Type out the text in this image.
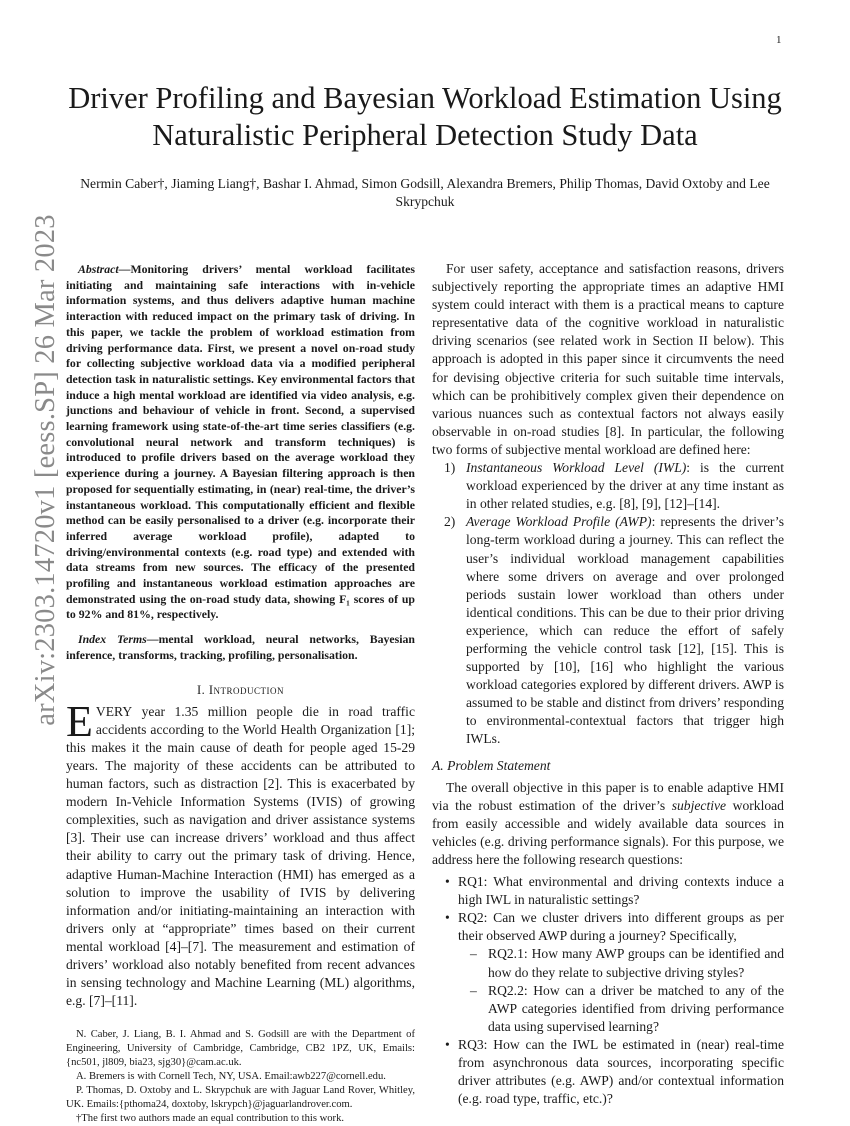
1
arXiv:2303.14720v1 [eess.SP] 26 Mar 2023
Driver Profiling and Bayesian Workload Estimation Using Naturalistic Peripheral Detection Study Data
Nermin Caber†, Jiaming Liang†, Bashar I. Ahmad, Simon Godsill, Alexandra Bremers, Philip Thomas, David Oxtoby and Lee Skrypchuk

Abstract—Monitoring drivers’ mental workload facilitates initiating and maintaining safe interactions with in-vehicle information systems, and thus delivers adaptive human machine interaction with reduced impact on the primary task of driving. In this paper, we tackle the problem of workload estimation from driving performance data. First, we present a novel on-road study for collecting subjective workload data via a modified peripheral detection task in naturalistic settings. Key environmental factors that induce a high mental workload are identified via video analysis, e.g. junctions and behaviour of vehicle in front. Second, a supervised learning framework using state-of-the-art time series classifiers (e.g. convolutional neural network and transform techniques) is introduced to profile drivers based on the average workload they experience during a journey. A Bayesian filtering approach is then proposed for sequentially estimating, in (near) real-time, the driver’s instantaneous workload. This computationally efficient and flexible method can be easily personalised to a driver (e.g. incorporate their inferred average workload profile), adapted to driving/environmental contexts (e.g. road type) and extended with data streams from new sources. The efficacy of the presented profiling and instantaneous workload estimation approaches are demonstrated using the on-road study data, showing F₁ scores of up to 92% and 81%, respectively.

Index Terms—mental workload, neural networks, Bayesian inference, transforms, tracking, profiling, personalisation.

I. Introduction

EVERY year 1.35 million people die in road traffic accidents according to the World Health Organization [1]; this makes it the main cause of death for people aged 15-29 years. The majority of these accidents can be attributed to human factors, such as distraction [2]. This is exacerbated by modern In-Vehicle Information Systems (IVIS) of growing complexities, such as navigation and driver assistance systems [3]. Their use can increase drivers’ workload and thus affect their ability to carry out the primary task of driving. Hence, adaptive Human-Machine Interaction (HMI) has emerged as a solution to improve the usability of IVIS by delivering information and/or initiating-maintaining an interaction with drivers only at “appropriate” times based on their current mental workload [4]–[7]. The measurement and estimation of drivers’ workload also notably benefited from recent advances in sensing technology and Machine Learning (ML) algorithms, e.g. [7]–[11].

N. Caber, J. Liang, B. I. Ahmad and S. Godsill are with the Department of Engineering, University of Cambridge, Cambridge, CB2 1PZ, UK, Emails: {nc501, jl809, bia23, sjg30}@cam.ac.uk.

A. Bremers is with Cornell Tech, NY, USA. Email:awb227@cornell.edu.

P. Thomas, D. Oxtoby and L. Skrypchuk are with Jaguar Land Rover, Whitley, UK. Emails:{pthoma24, doxtoby, lskrypch}@jaguarlandrover.com.

†The first two authors made an equal contribution to this work.

For user safety, acceptance and satisfaction reasons, drivers subjectively reporting the appropriate times an adaptive HMI system could interact with them is a practical means to capture representative data of the cognitive workload in naturalistic driving scenarios (see related work in Section II below). This approach is adopted in this paper since it circumvents the need for devising objective criteria for such suitable time intervals, which can be prohibitively complex given their dependence on various nuances such as contextual factors not always easily observable in on-road studies [8]. In particular, the following two forms of subjective mental workload are defined here:

1) Instantaneous Workload Level (IWL): is the current workload experienced by the driver at any time instant as in other related studies, e.g. [8], [9], [12]–[14].
2) Average Workload Profile (AWP): represents the driver’s long-term workload during a journey. This can reflect the user’s individual workload management capabilities where some drivers on average and over prolonged periods sustain lower workload than others under identical conditions. This can be due to their prior driving experience, which can reduce the effort of safely performing the vehicle control task [12], [15]. This is supported by [10], [16] who highlight the various workload categories explored by different drivers. AWP is assumed to be stable and distinct from drivers’ responding to environmental-contextual factors that trigger high IWLs.
A. Problem Statement

The overall objective in this paper is to enable adaptive HMI via the robust estimation of the driver’s subjective workload from easily accessible and widely available data sources in vehicles (e.g. driving performance signals). For this purpose, we address here the following research questions:

• RQ1: What environmental and driving contexts induce a high IWL in naturalistic settings?
• RQ2: Can we cluster drivers into different groups as per their observed AWP during a journey? Specifically,
– RQ2.1: How many AWP groups can be identified and how do they relate to subjective driving styles?
– RQ2.2: How can a driver be matched to any of the AWP categories identified from driving performance data using supervised learning?
• RQ3: How can the IWL be estimated in (near) real-time from asynchronous data sources, incorporating specific driver attributes (e.g. AWP) and/or contextual information (e.g. road type, traffic, etc.)?
